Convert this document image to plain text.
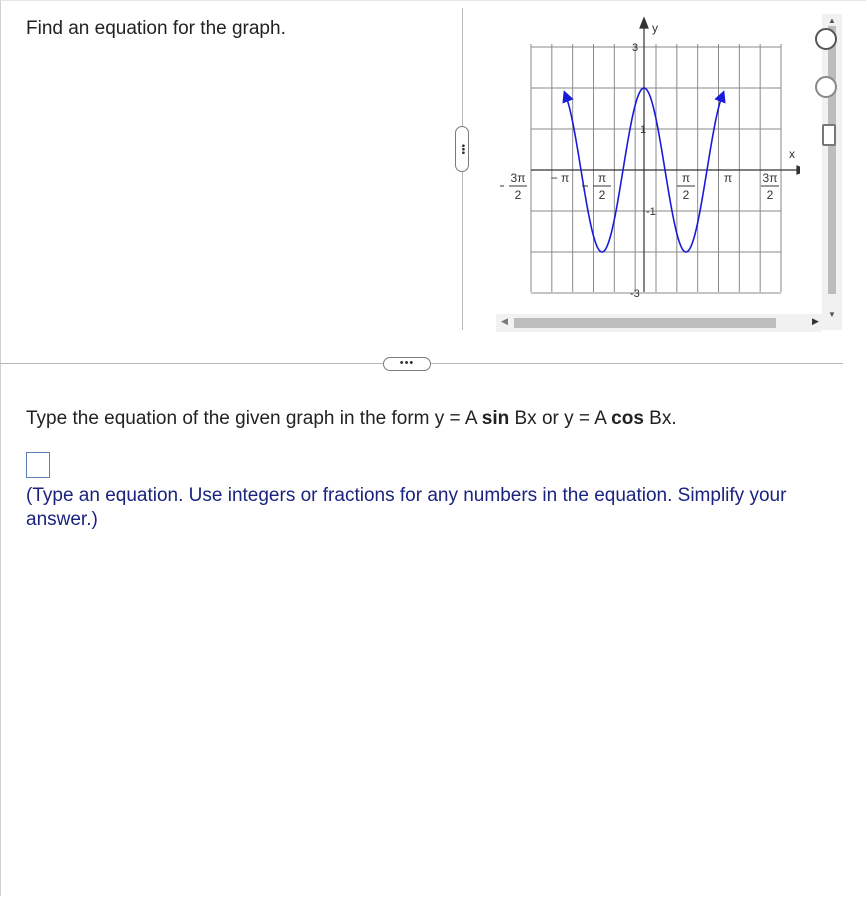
Find an equation for the graph.
•••
y
x
3
1
-1
-3
3π
2
− π π
2
π
2
π	3π
2
▲
▼
◀	▶
•••
Type the equation of the given graph in the form y = A sin Bx or y = A cos Bx.
(Type an equation. Use integers or fractions for any numbers in the equation. Simplify your answer.)
